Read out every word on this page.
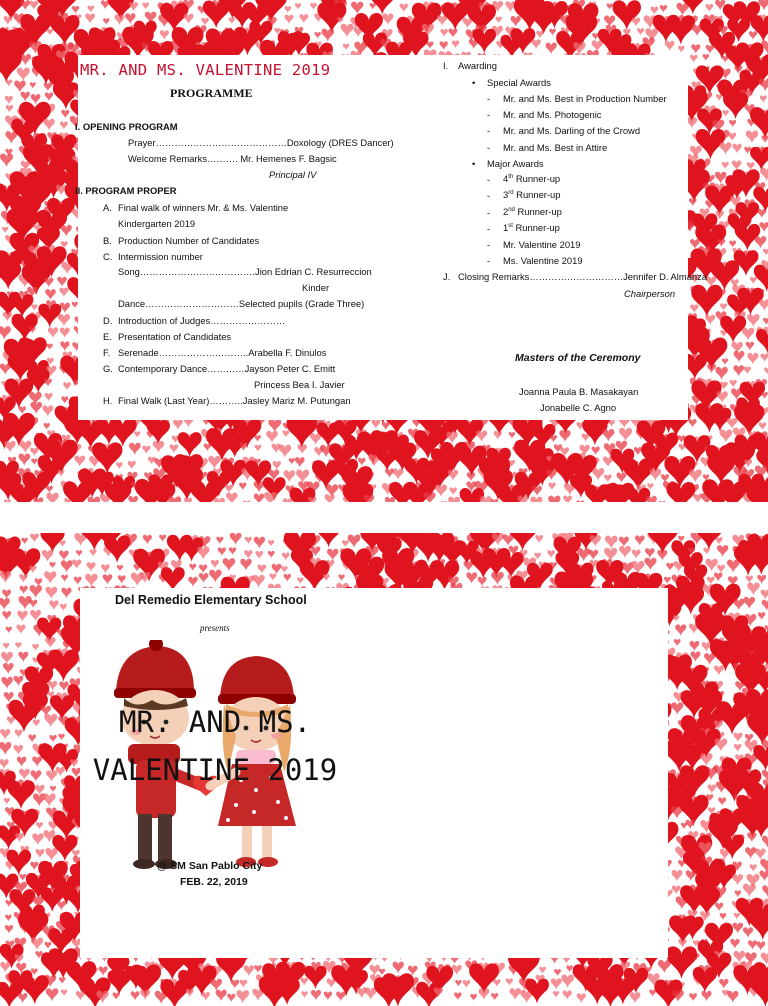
MR. AND MS. VALENTINE 2019
PROGRAMME
I. OPENING PROGRAM
Prayer……………………………………Doxology (DRES Dancer)
Welcome Remarks………. Mr. Hemenes F. Bagsic
Principal IV
II. PROGRAM PROPER
A. Final walk of winners Mr. & Ms. Valentine
Kindergarten 2019
B. Production Number of Candidates
C. Intermission number
Song……………………………….Jion Edrian C. Resurreccion
Kinder
Dance…………………………Selected pupils (Grade Three)
D. Introduction of Judges……………………
E. Presentation of Candidates
F. Serenade………………………..Arabella F. Dinulos
G. Contemporary Dance…………Jayson Peter C. Emitt
Princess Bea I. Javier
H. Final Walk (Last Year)………..Jasley Mariz M. Putungan
I. Awarding
• Special Awards
- Mr. and Ms. Best in Production Number
- Mr. and Ms. Photogenic
- Mr. and Ms. Darling of the Crowd
- Mr. and Ms. Best in Attire
• Major Awards
- 4th Runner-up
- 3rd Runner-up
- 2nd Runner-up
- 1st Runner-up
- Mr. Valentine 2019
- Ms. Valentine 2019
J. Closing Remarks…………………………Jennifer D. Almanza
Chairperson
Masters of the Ceremony
Joanna Paula B. Masakayan
Jonabelle C. Agno
Del Remedio Elementary School
presents
MR. AND MS.
VALENTINE 2019
@ SM San Pablo City
FEB. 22, 2019
